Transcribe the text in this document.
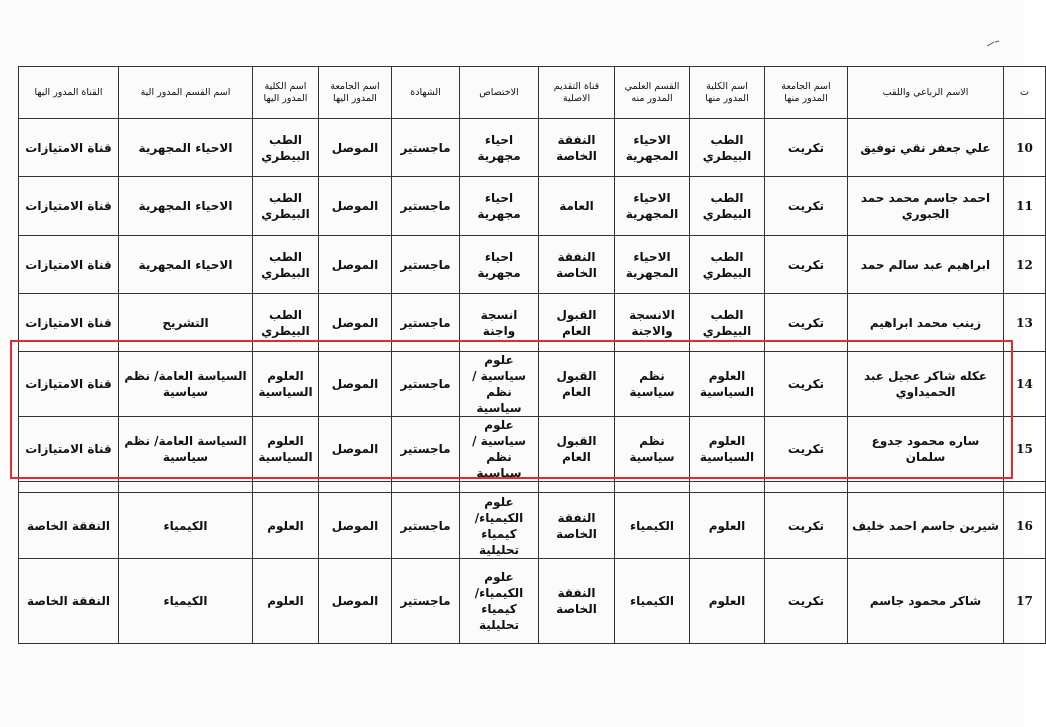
ت	الاسم الرباعي واللقب	اسم الجامعة المدور منها	اسم الكلية المدور منها	القسم العلمي المدور منه	قناة التقديم الاصلية	الاختصاص	الشهادة	اسم الجامعة المدور اليها	اسم الكلية المدور اليها	اسم القسم المدور الية	القناة المدور اليها
10	علي جعفر نقي توفيق	تكريت	الطب البيطري	الاحياء المجهرية	النفقة الخاصة	احياء مجهرية	ماجستير	الموصل	الطب البيطري	الاحياء المجهرية	قناة الامتيازات
11	احمد جاسم محمد حمد الجبوري	تكريت	الطب البيطري	الاحياء المجهرية	العامة	احياء مجهرية	ماجستير	الموصل	الطب البيطري	الاحياء المجهرية	قناة الامتيازات
12	ابراهيم عبد سالم حمد	تكريت	الطب البيطري	الاحياء المجهرية	النفقة الخاصة	احياء مجهرية	ماجستير	الموصل	الطب البيطري	الاحياء المجهرية	قناة الامتيازات
13	زينب محمد ابراهيم	تكريت	الطب البيطري	الانسجة والاجنة	القبول العام	انسجة واجنة	ماجستير	الموصل	الطب البيطري	التشريح	قناة الامتيازات
14	عكله شاكر عجيل عبد الحميداوي	تكريت	العلوم السياسية	نظم سياسية	القبول العام	علوم سياسية / نظم سياسية	ماجستير	الموصل	العلوم السياسية	السياسة العامة/ نظم سياسية	قناة الامتيازات
15	ساره محمود جدوع سلمان	تكريت	العلوم السياسية	نظم سياسية	القبول العام	علوم سياسية / نظم سياسية	ماجستير	الموصل	العلوم السياسية	السياسة العامة/ نظم سياسية	قناة الامتيازات

16	شيرين جاسم احمد خليف	تكريت	العلوم	الكيمياء	النفقة الخاصة	علوم الكيمياء/ كيمياء تحليلية	ماجستير	الموصل	العلوم	الكيمياء	النفقة الخاصة
17	شاكر محمود جاسم	تكريت	العلوم	الكيمياء	النفقة الخاصة	علوم الكيمياء/ كيمياء تحليلية	ماجستير	الموصل	العلوم	الكيمياء	النفقة الخاصة
